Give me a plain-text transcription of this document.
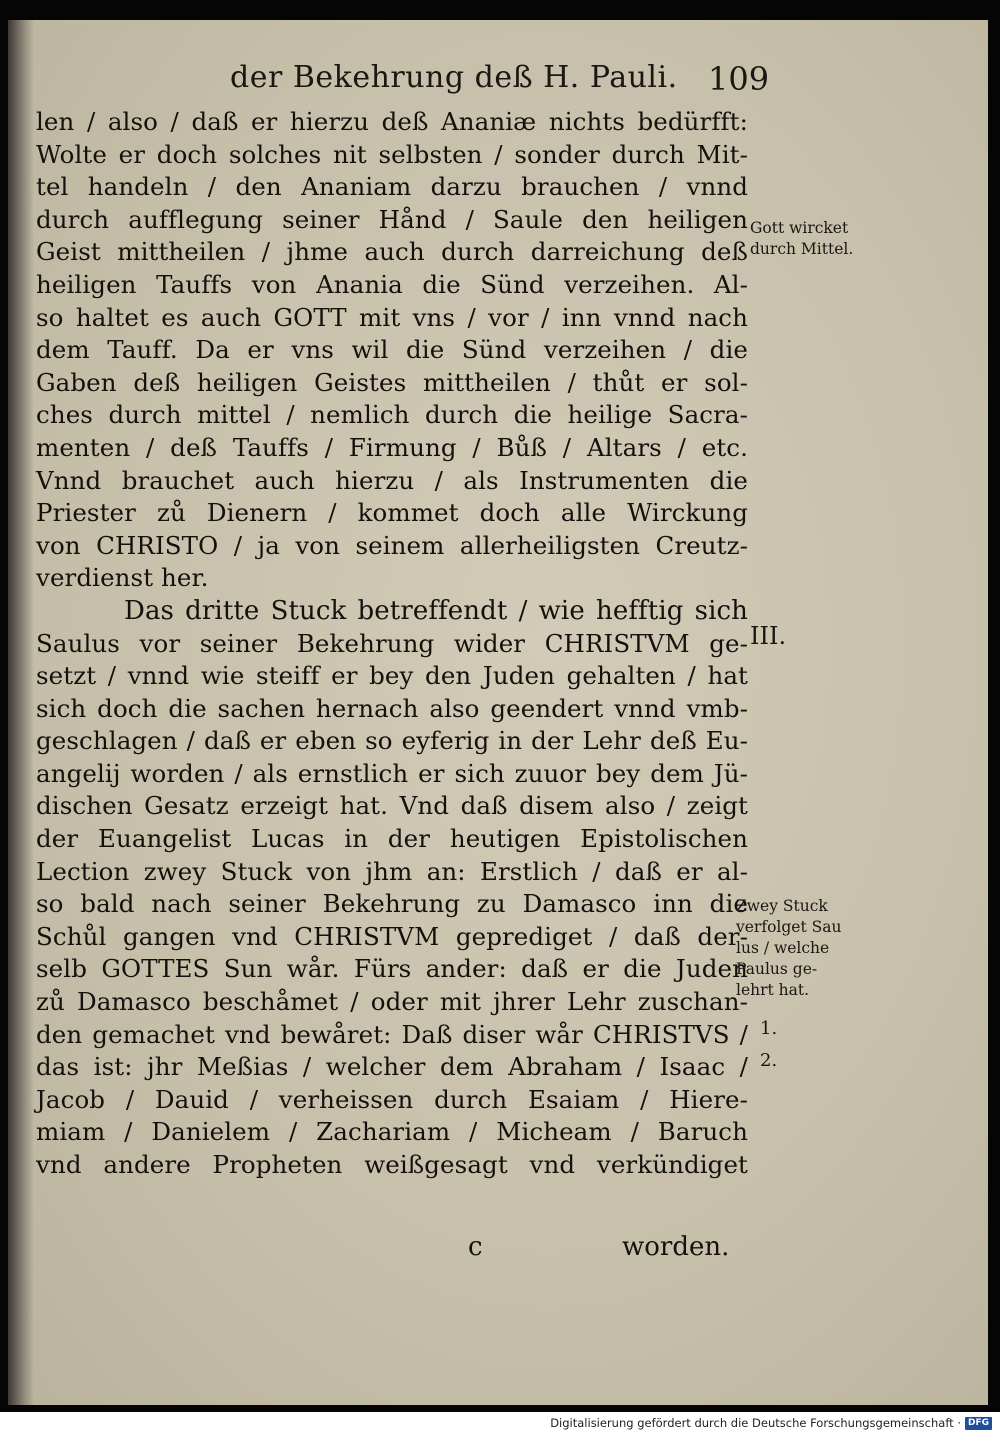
der Bekehrung deß H. Pauli. 109
len / also / daß er hierzu deß Ananiæ nichts bedürfft:
Wolte er doch solches nit selbsten / sonder durch Mit-
tel handeln / den Ananiam darzu brauchen / vnnd
durch aufflegung seiner Hånd / Saule den heiligen
Geist mittheilen / jhme auch durch darreichung deß
heiligen Tauffs von Anania die Sünd verzeihen. Al-
so haltet es auch GOTT mit vns / vor / inn vnnd nach
dem Tauff. Da er vns wil die Sünd verzeihen / die
Gaben deß heiligen Geistes mittheilen / thůt er sol-
ches durch mittel / nemlich durch die heilige Sacra-
menten / deß Tauffs / Firmung / Bůß / Altars / etc.
Vnnd brauchet auch hierzu / als Instrumenten die
Priester zů Dienern / kommet doch alle Wirckung
von CHRISTO / ja von seinem allerheiligsten Creutz-
verdienst her.
Das dritte Stuck betreffendt / wie hefftig sich
Saulus vor seiner Bekehrung wider CHRISTVM ge-
setzt / vnnd wie steiff er bey den Juden gehalten / hat
sich doch die sachen hernach also geendert vnnd vmb-
geschlagen / daß er eben so eyferig in der Lehr deß Eu-
angelij worden / als ernstlich er sich zuuor bey dem Jü-
dischen Gesatz erzeigt hat. Vnd daß disem also / zeigt
der Euangelist Lucas in der heutigen Epistolischen
Lection zwey Stuck von jhm an: Erstlich / daß er al-
so bald nach seiner Bekehrung zu Damasco inn die
Schůl gangen vnd CHRISTVM geprediget / daß der-
selb GOTTES Sun wår. Fürs ander: daß er die Juden
zů Damasco beschåmet / oder mit jhrer Lehr zuschan-
den gemachet vnd bewåret: Daß diser wår CHRISTVS /
das ist: jhr Meßias / welcher dem Abraham / Isaac /
Jacob / Dauid / verheissen durch Esaiam / Hiere-
miam / Danielem / Zachariam / Micheam / Baruch
vnd andere Propheten weißgesagt vnd verkündiget
Gott wircket
durch Mittel.
III.
Zwey Stuck
verfolget Sau
lus / welche
Paulus ge-
lehrt hat.
1.
2.
c	worden.
Digitalisierung gefördert durch die Deutsche Forschungsgemeinschaft · DFG
